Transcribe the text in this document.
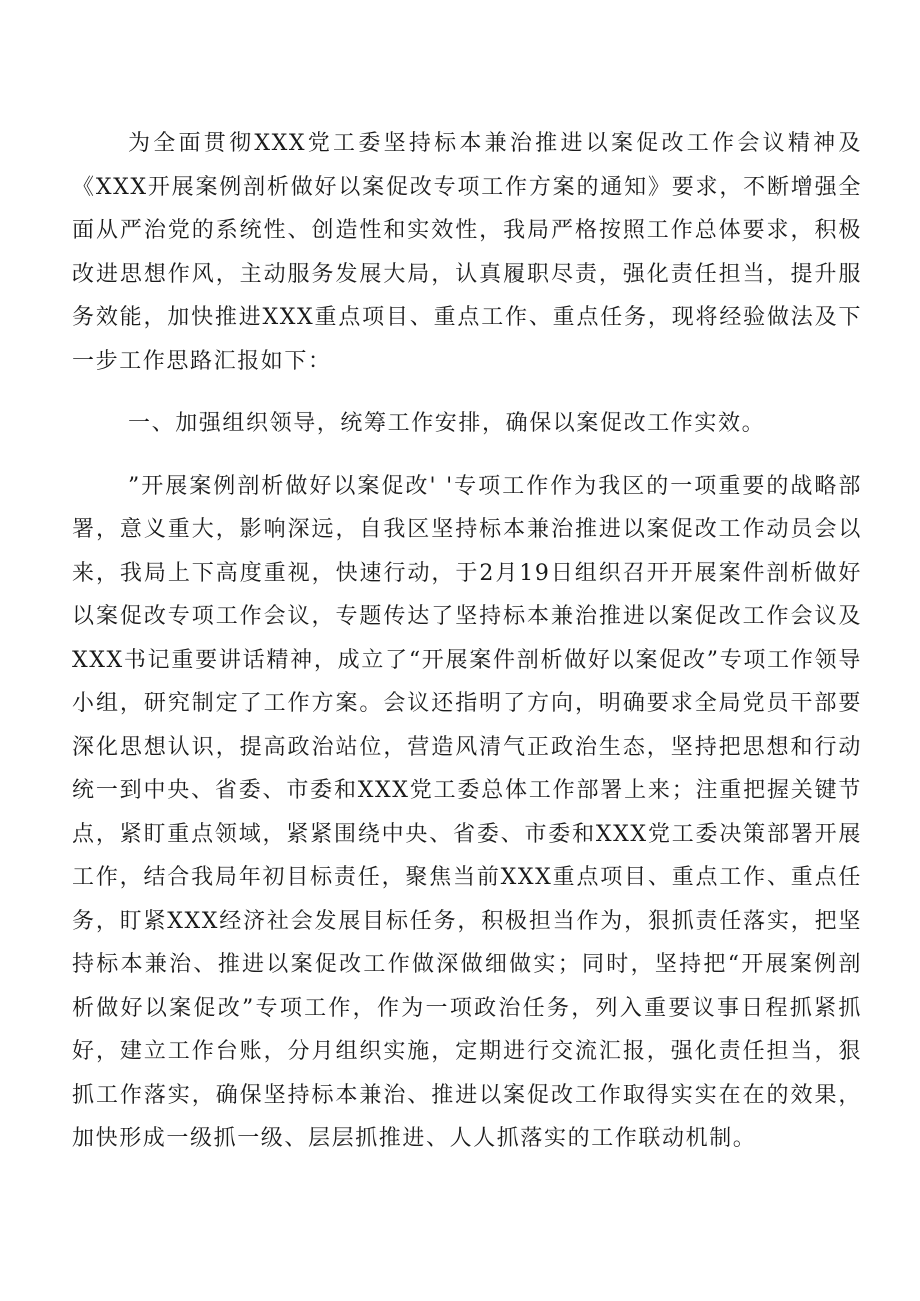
为全面贯彻XXX党工委坚持标本兼治推进以案促改工作会议精神及《XXX开展案例剖析做好以案促改专项工作方案的通知》要求，不断增强全面从严治党的系统性、创造性和实效性，我局严格按照工作总体要求，积极改进思想作风，主动服务发展大局，认真履职尽责，强化责任担当，提升服务效能，加快推进XXX重点项目、重点工作、重点任务，现将经验做法及下一步工作思路汇报如下：

一、加强组织领导，统筹工作安排，确保以案促改工作实效。

”开展案例剖析做好以案促改' '专项工作作为我区的一项重要的战略部署，意义重大，影响深远，自我区坚持标本兼治推进以案促改工作动员会以来，我局上下高度重视，快速行动，于2月19日组织召开开展案件剖析做好以案促改专项工作会议，专题传达了坚持标本兼治推进以案促改工作会议及XXX书记重要讲话精神，成立了“开展案件剖析做好以案促改”专项工作领导小组，研究制定了工作方案。会议还指明了方向，明确要求全局党员干部要深化思想认识，提高政治站位，营造风清气正政治生态，坚持把思想和行动统一到中央、省委、市委和XXX党工委总体工作部署上来；注重把握关键节点，紧盯重点领域，紧紧围绕中央、省委、市委和XXX党工委决策部署开展工作，结合我局年初目标责任，聚焦当前XXX重点项目、重点工作、重点任务，盯紧XXX经济社会发展目标任务，积极担当作为，狠抓责任落实，把坚持标本兼治、推进以案促改工作做深做细做实；同时，坚持把“开展案例剖析做好以案促改”专项工作，作为一项政治任务，列入重要议事日程抓紧抓好，建立工作台账，分月组织实施，定期进行交流汇报，强化责任担当，狠抓工作落实，确保坚持标本兼治、推进以案促改工作取得实实在在的效果，加快形成一级抓一级、层层抓推进、人人抓落实的工作联动机制。
